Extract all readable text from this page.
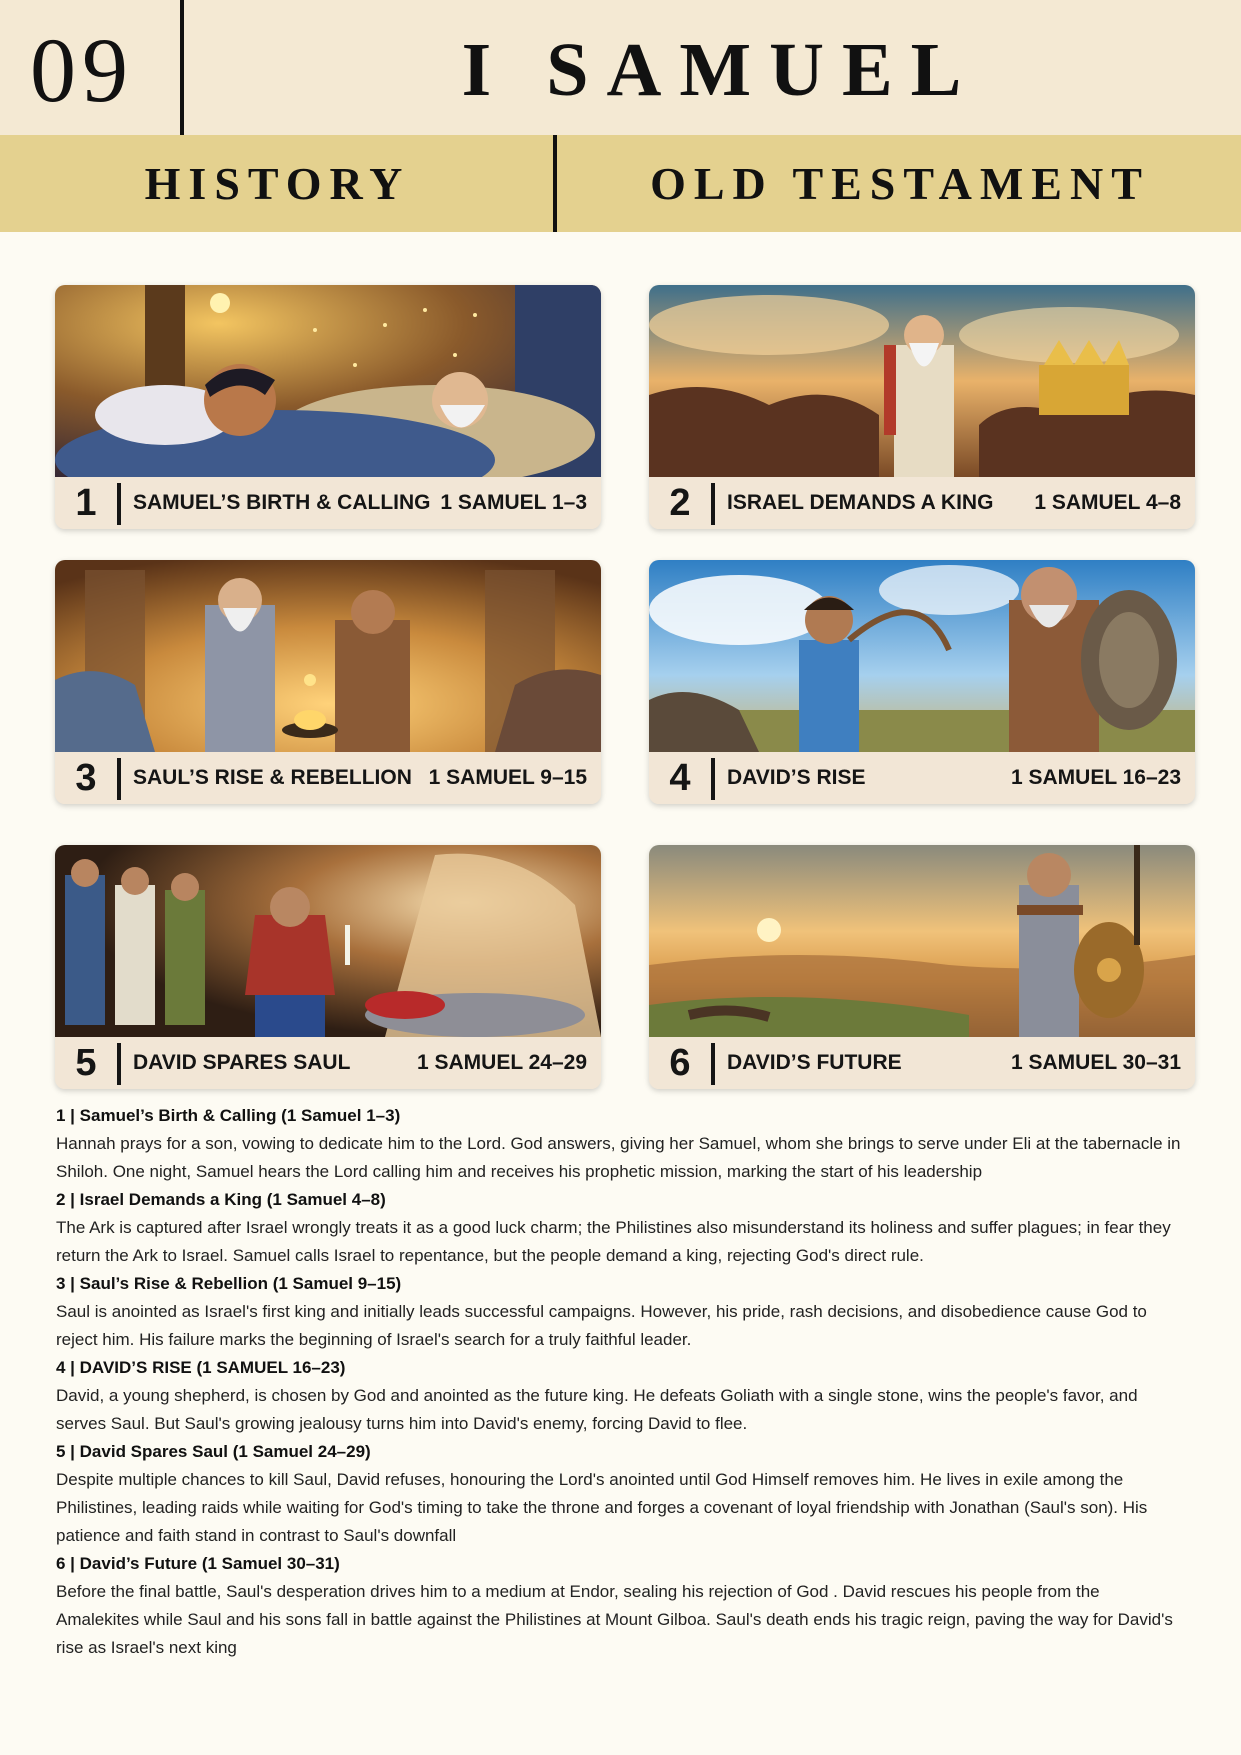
09	I SAMUEL
HISTORY	OLD TESTAMENT
1	SAMUEL’S BIRTH & CALLING 1 SAMUEL 1–3	2	ISRAEL DEMANDS A KING 1 SAMUEL 4–8
3	SAUL’S RISE & REBELLION 1 SAMUEL 9–15	4	DAVID’S RISE	1 SAMUEL 16–23
5	DAVID SPARES SAUL	1 SAMUEL 24–29	6	DAVID’S FUTURE	1 SAMUEL 30–31
1 | Samuel’s Birth & Calling (1 Samuel 1–3)

Hannah prays for a son, vowing to dedicate him to the Lord. God answers, giving her Samuel, whom she brings to serve under Eli at the tabernacle in Shiloh. One night, Samuel hears the Lord calling him and receives his prophetic mission, marking the start of his leadership

2 | Israel Demands a King (1 Samuel 4–8)

The Ark is captured after Israel wrongly treats it as a good luck charm; the Philistines also misunderstand its holiness and suffer plagues; in fear they return the Ark to Israel. Samuel calls Israel to repentance, but the people demand a king, rejecting God's direct rule.

3 | Saul’s Rise & Rebellion (1 Samuel 9–15)

Saul is anointed as Israel's first king and initially leads successful campaigns. However, his pride, rash decisions, and disobedience cause God to reject him. His failure marks the beginning of Israel's search for a truly faithful leader.

4 | DAVID’S RISE (1 SAMUEL 16–23)

David, a young shepherd, is chosen by God and anointed as the future king. He defeats Goliath with a single stone, wins the people's favor, and serves Saul. But Saul's growing jealousy turns him into David's enemy, forcing David to flee.

5 | David Spares Saul (1 Samuel 24–29)

Despite multiple chances to kill Saul, David refuses, honouring the Lord's anointed until God Himself removes him. He lives in exile among the Philistines, leading raids while waiting for God's timing to take the throne and forges a covenant of loyal friendship with Jonathan (Saul's son). His patience and faith stand in contrast to Saul's downfall

6 | David’s Future (1 Samuel 30–31)

Before the final battle, Saul's desperation drives him to a medium at Endor, sealing his rejection of God . David rescues his people from the Amalekites while Saul and his sons fall in battle against the Philistines at Mount Gilboa. Saul's death ends his tragic reign, paving the way for David's rise as Israel's next king
